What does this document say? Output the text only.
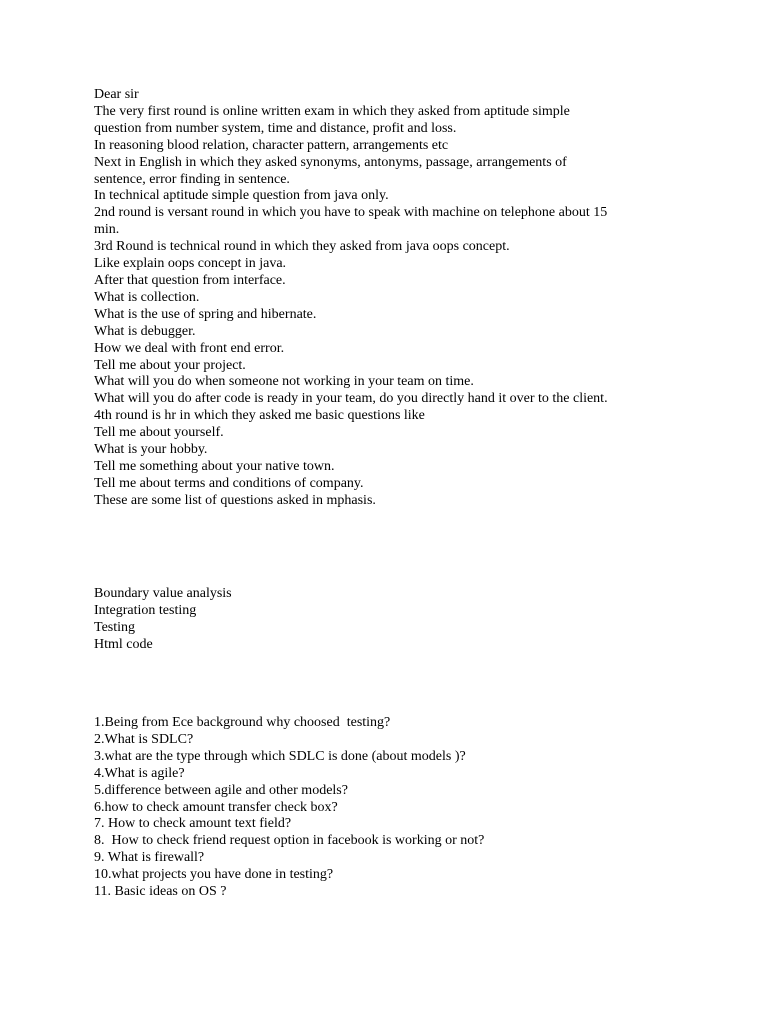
Dear sir
The very first round is online written exam in which they asked from aptitude simple
question from number system, time and distance, profit and loss.
In reasoning blood relation, character pattern, arrangements etc
Next in English in which they asked synonyms, antonyms, passage, arrangements of
sentence, error finding in sentence.
In technical aptitude simple question from java only.
2nd round is versant round in which you have to speak with machine on telephone about 15
min.
3rd Round is technical round in which they asked from java oops concept.
Like explain oops concept in java.
After that question from interface.
What is collection.
What is the use of spring and hibernate.
What is debugger.
How we deal with front end error.
Tell me about your project.
What will you do when someone not working in your team on time.
What will you do after code is ready in your team, do you directly hand it over to the client.
4th round is hr in which they asked me basic questions like
Tell me about yourself.
What is your hobby.
Tell me something about your native town.
Tell me about terms and conditions of company.
These are some list of questions asked in mphasis.
Boundary value analysis
Integration testing
Testing
Html code
1.Being from Ece background why choosed  testing?
2.What is SDLC?
3.what are the type through which SDLC is done (about models )?
4.What is agile?
5.difference between agile and other models?
6.how to check amount transfer check box?
7. How to check amount text field?
8.  How to check friend request option in facebook is working or not?
9. What is firewall?
10.what projects you have done in testing?
11. Basic ideas on OS ?
